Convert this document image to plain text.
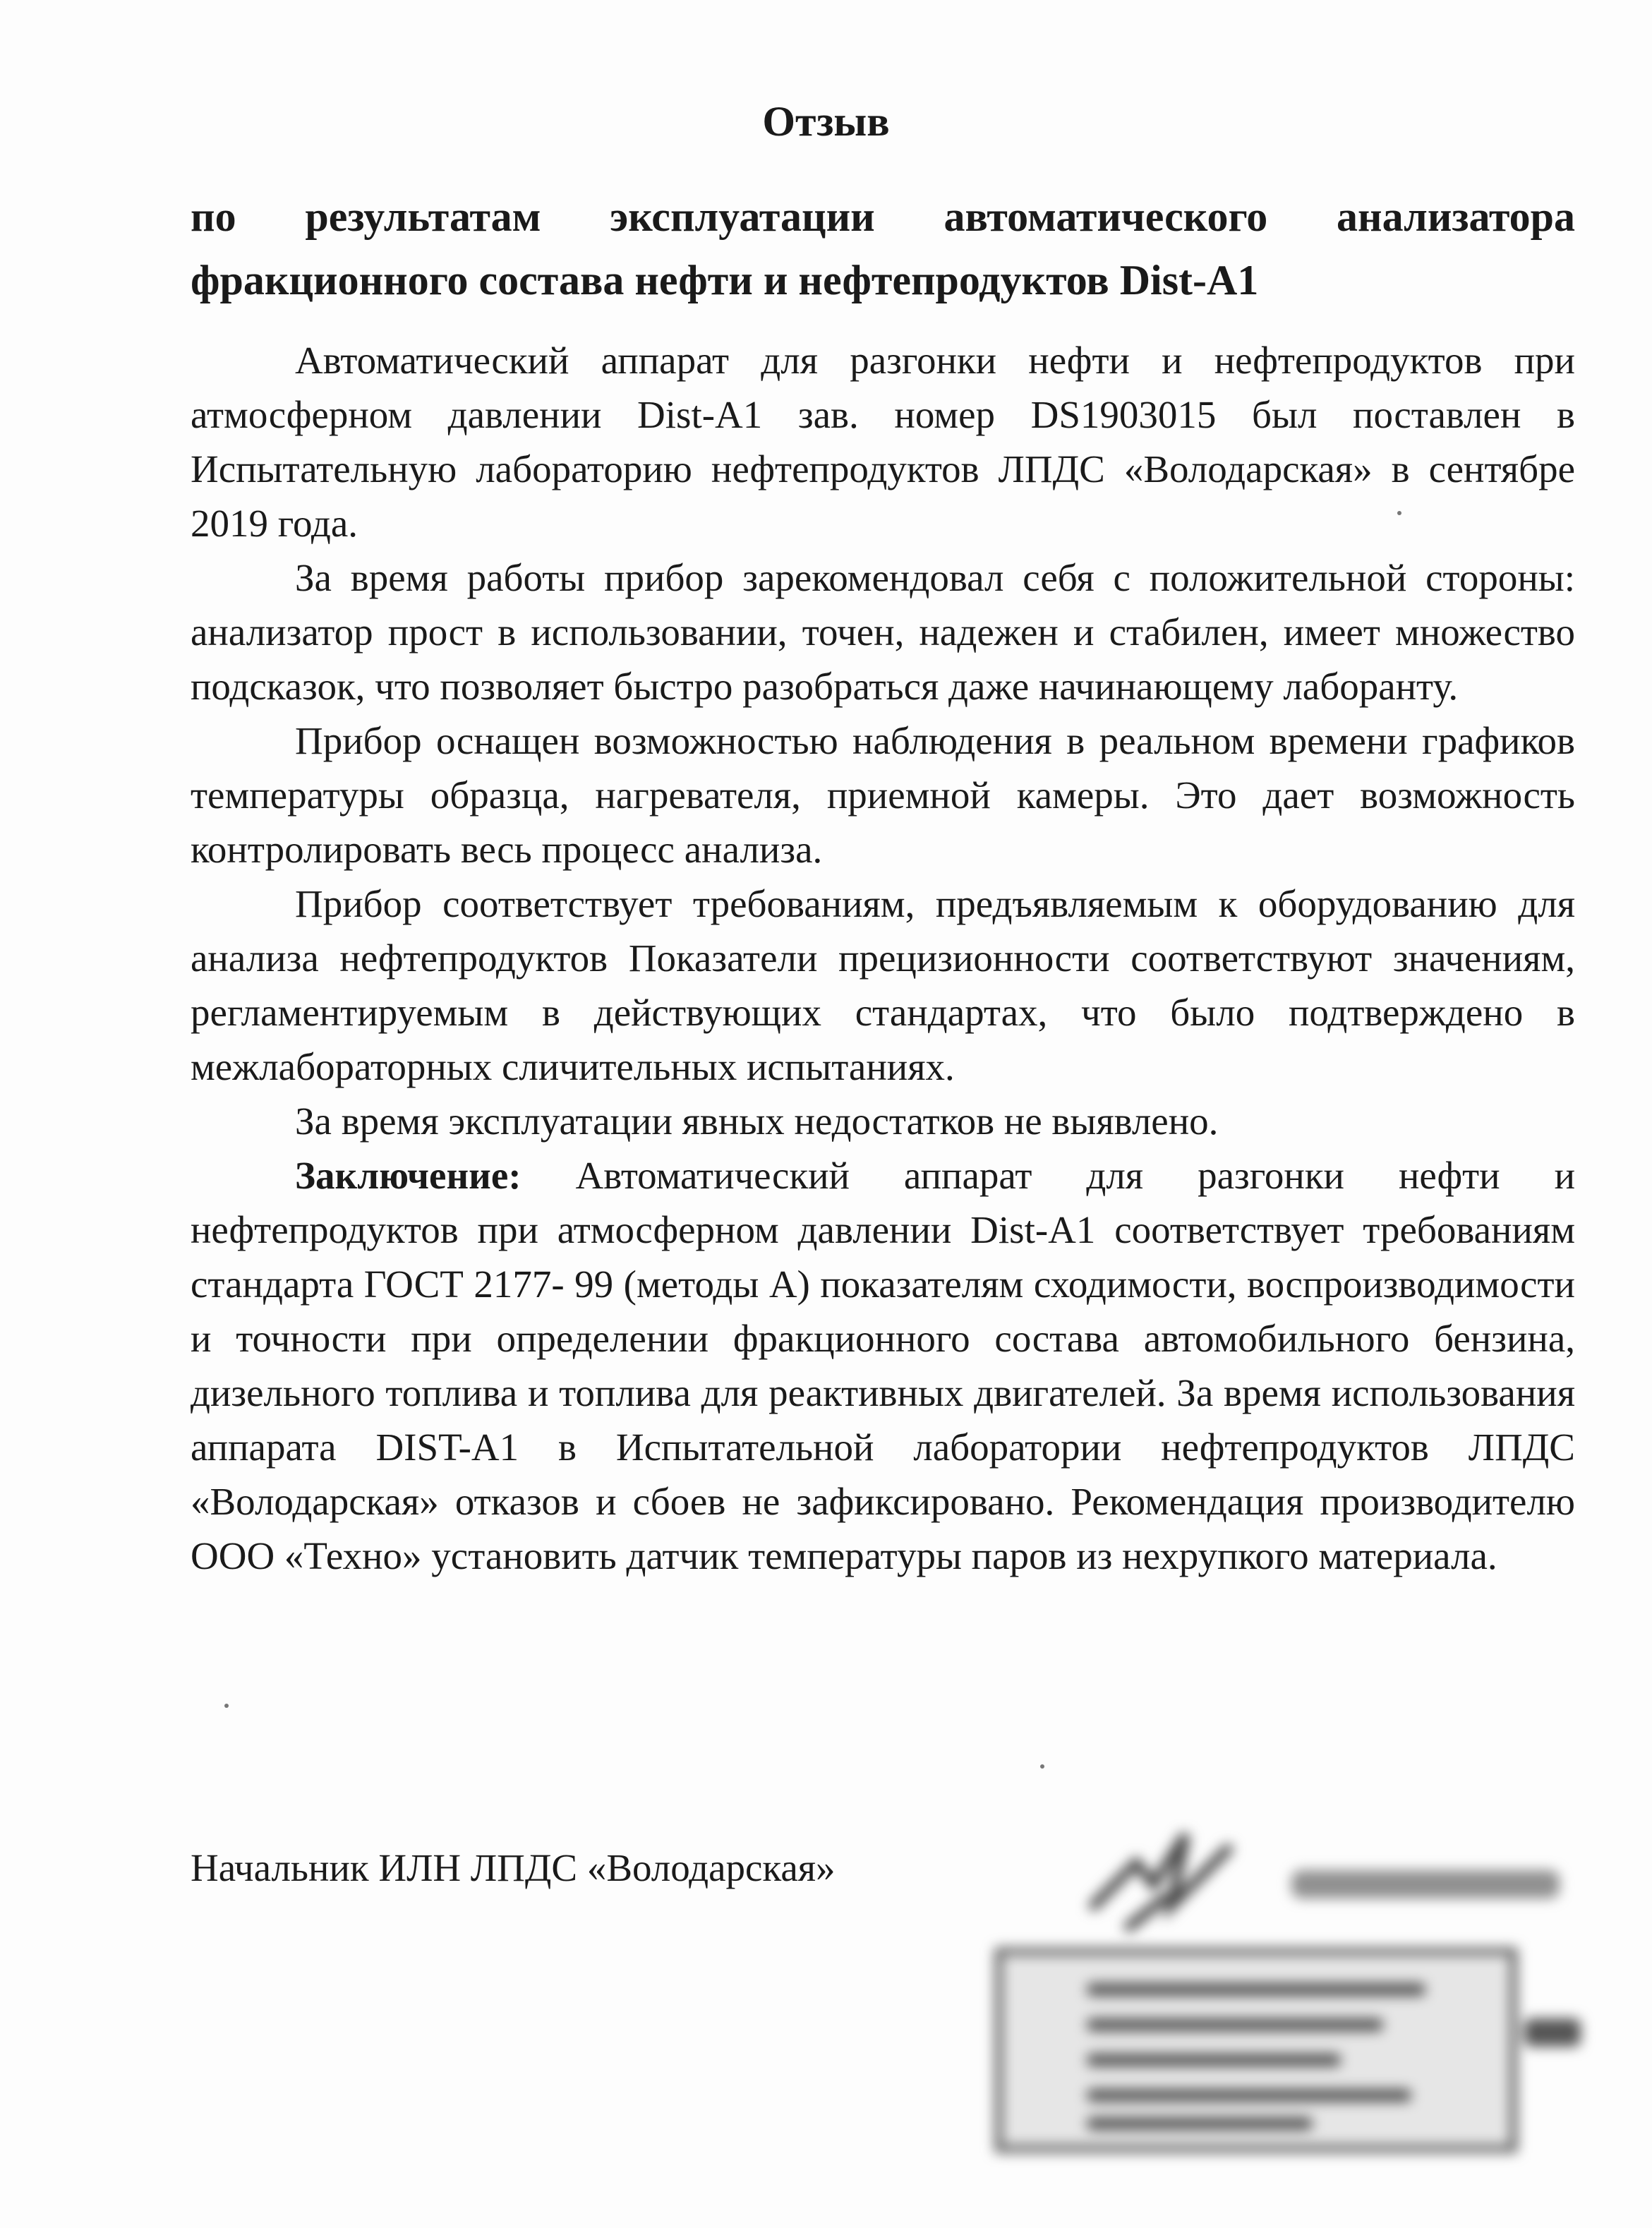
Отзыв
по результатам эксплуатации автоматического анализатора фракционного состава нефти и нефтепродуктов Dist-A1

Автоматический аппарат для разгонки нефти и нефтепродуктов при атмосферном давлении Dist-A1 зав. номер DS1903015 был поставлен в Испытательную лабораторию нефтепродуктов ЛПДС «Володарская» в сентябре 2019 года.

За время работы прибор зарекомендовал себя с положительной стороны: анализатор прост в использовании, точен, надежен и стабилен, имеет множество подсказок, что позволяет быстро разобраться даже начинающему лаборанту.

Прибор оснащен возможностью наблюдения в реальном времени графиков температуры образца, нагревателя, приемной камеры. Это дает возможность контролировать весь процесс анализа.

Прибор соответствует требованиям, предъявляемым к оборудованию для анализа нефтепродуктов Показатели прецизионности соответствуют значениям, регламентируемым в действующих стандартах, что было подтверждено в межлабораторных сличительных испытаниях.

За время эксплуатации явных недостатков не выявлено.

Заключение: Автоматический аппарат для разгонки нефти и нефтепродуктов при атмосферном давлении Dist-A1 соответствует требованиям стандарта ГОСТ 2177- 99 (методы А) показателям сходимости, воспроизводимости и точности при определении фракционного состава автомобильного бензина, дизельного топлива и топлива для реактивных двигателей. За время использования аппарата DIST-A1 в Испытательной лаборатории нефтепродуктов ЛПДС «Володарская» отказов и сбоев не зафиксировано. Рекомендация производителю ООО «Техно» установить датчик температуры паров из нехрупкого материала.

Начальник ИЛН ЛПДС «Володарская»
